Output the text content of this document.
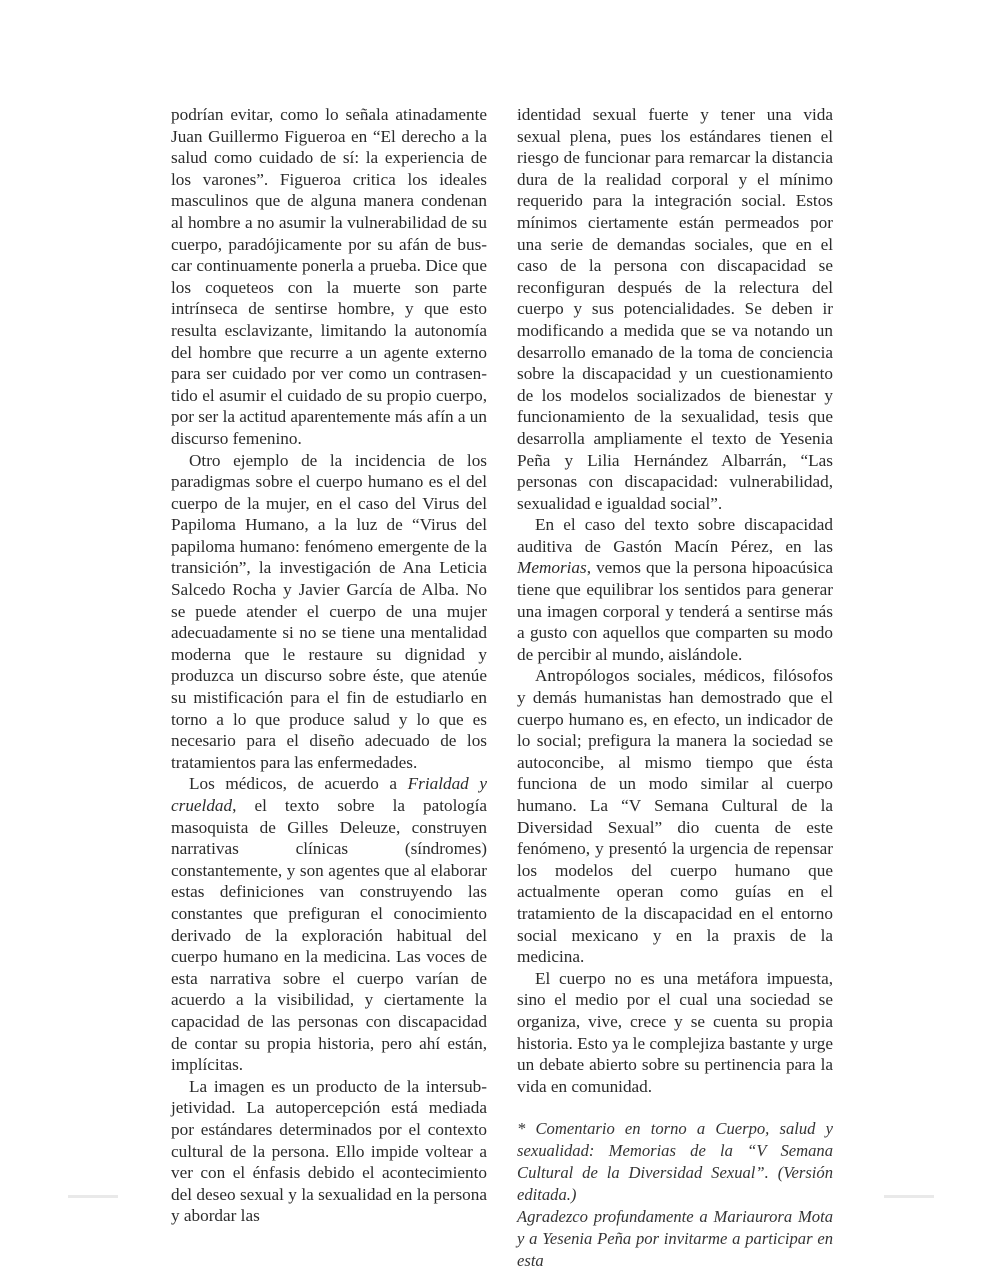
podrían evitar, como lo señala atinadamente Juan Guillermo Figueroa en “El derecho a la salud como cuidado de sí: la experiencia de los varones”. Figueroa critica los ideales masculinos que de alguna manera condenan al hombre a no asumir la vulnerabilidad de su cuerpo, paradójicamente por su afán de buscar continuamente ponerla a prueba. Dice que los coqueteos con la muerte son parte intrínseca de sentirse hombre, y que esto resulta esclavizante, limitando la autonomía del hombre que recurre a un agente externo para ser cuidado por ver como un contrasentido el asumir el cuidado de su propio cuerpo, por ser la actitud aparentemente más afín a un discurso femenino.

Otro ejemplo de la incidencia de los paradigmas sobre el cuerpo humano es el del cuerpo de la mujer, en el caso del Virus del Papiloma Humano, a la luz de “Virus del papiloma humano: fenómeno emergente de la transición”, la investigación de Ana Leticia Salcedo Rocha y Javier García de Alba. No se puede atender el cuerpo de una mujer adecuadamente si no se tiene una mentalidad moderna que le restaure su dignidad y produzca un discurso sobre éste, que atenúe su mistificación para el fin de estudiarlo en torno a lo que produce salud y lo que es necesario para el diseño adecuado de los tratamientos para las enfermedades.

Los médicos, de acuerdo a Frialdad y crueldad, el texto sobre la patología masoquista de Gilles Deleuze, construyen narrativas clínicas (síndromes) constantemente, y son agentes que al elaborar estas definiciones van construyendo las constantes que prefiguran el conocimiento derivado de la exploración habitual del cuerpo humano en la medicina. Las voces de esta narrativa sobre el cuerpo varían de acuerdo a la visibilidad, y ciertamente la capacidad de las personas con discapacidad de contar su propia historia, pero ahí están, implícitas.

La imagen es un producto de la intersubjetividad. La autopercepción está mediada por estándares determinados por el contexto cultural de la persona. Ello impide voltear a ver con el énfasis debido el acontecimiento del deseo sexual y la sexualidad en la persona y abordar las

identidad sexual fuerte y tener una vida sexual plena, pues los estándares tienen el riesgo de funcionar para remarcar la distancia dura de la realidad corporal y el mínimo requerido para la integración social. Estos mínimos ciertamente están permeados por una serie de demandas sociales, que en el caso de la persona con discapacidad se reconfiguran después de la relectura del cuerpo y sus potencialidades. Se deben ir modificando a medida que se va notando un desarrollo emanado de la toma de conciencia sobre la discapacidad y un cuestionamiento de los modelos socializados de bienestar y funcionamiento de la sexualidad, tesis que desarrolla ampliamente el texto de Yesenia Peña y Lilia Hernández Albarrán, “Las personas con discapacidad: vulnerabilidad, sexualidad e igualdad social”.

En el caso del texto sobre discapacidad auditiva de Gastón Macín Pérez, en las Memorias, vemos que la persona hipoacúsica tiene que equilibrar los sentidos para generar una imagen corporal y tenderá a sentirse más a gusto con aquellos que comparten su modo de percibir al mundo, aislándole.

Antropólogos sociales, médicos, filósofos y demás humanistas han demostrado que el cuerpo humano es, en efecto, un indicador de lo social; prefigura la manera la sociedad se autoconcibe, al mismo tiempo que ésta funciona de un modo similar al cuerpo humano. La “V Semana Cultural de la Diversidad Sexual” dio cuenta de este fenómeno, y presentó la urgencia de repensar los modelos del cuerpo humano que actualmente operan como guías en el tratamiento de la discapacidad en el entorno social mexicano y en la praxis de la medicina.

El cuerpo no es una metáfora impuesta, sino el medio por el cual una sociedad se organiza, vive, crece y se cuenta su propia historia. Esto ya le complejiza bastante y urge un debate abierto sobre su pertinencia para la vida en comunidad.

* Comentario en torno a Cuerpo, salud y sexualidad: Memorias de la “V Semana Cultural de la Diversidad Sexual”. (Versión editada.)

Agradezco profundamente a Mariaurora Mota y a Yesenia Peña por invitarme a participar en esta
